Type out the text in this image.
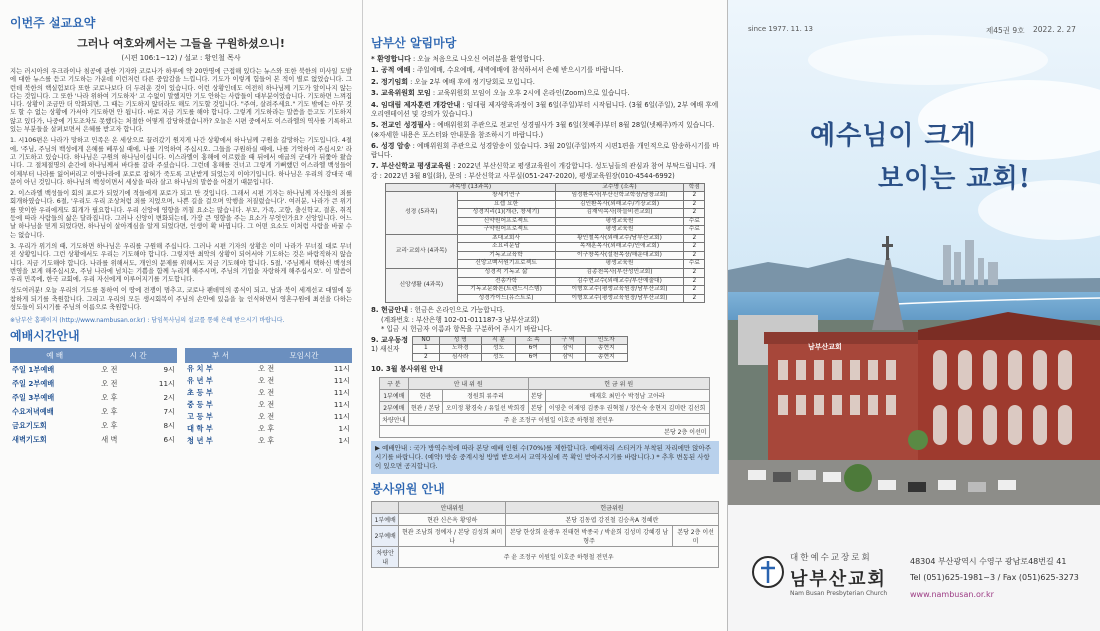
이번주 설교요약
그러나 여호와께서는 그들을 구원하셨으니!
(시편 106:1~12) / 설교 : 황인철 목사

지는 러시아의 우크라이나 침공에 관한 기자와 코로나가 하루에 약 20만명에 근접해 있다는 뉴스와 또한 북한의 미사일 도발에 대한 뉴스를 듣고 기도하는 가운데 이런저런 다른 중압감을 느낍니다. 기도가 이렇게 힘들어 본 적이 별로 없었습니다. 그런데 북한의 핵실험보다 또한 코로나보다 더 두려운 것이 있습니다. 이런 상황인데도 여전히 하나님께 기도가 앞이나지 않는다는 것입니다. 그 또한 '나라 위하여 기도하자' 고 수없이 말했지만 기도 안하는 사람들이 대부분이었습니다. 기도하면 느껴집니다. 상황이 조금만 더 악화되면, 그 때는 기도하지 않더라도 해도 기도할 것입니다. "주여, 살려주세요." 기도 밖에는 아무 것도 할 수 없는 상황에 가서야 기도하면 안 됩니다. 바로 지금 기도를 해야 합니다. 그렇게 기도하라는 말씀을 듣고도 기도하지 않고 있다가, 나중에 기도조차도 못했다는 처절한 어떻게 감당하겠습니까? 오늘은 시편 중에서도 이스라엘의 역사를 기록하고 있는 부분들을 살펴보면서 은혜를 받고자 합니다.

1. 시106편은 나라가 망하고 민족은 온 세상으로 끌려갔기 원지게 나간 상황에서 하나님께 구원을 갈망하는 기도입니다. 4절에, '주님, 주님의 백성에게 은혜를 베푸실 때에, 나를 기억하여 주십시오. 그들을 구원하실 때에, 나를 기억하여 주십시오' 라고 기도하고 있습니다. 하나님은 구원의 하나님이십니다. 이스라엘이 홍해에 이르렀을 때 뒤에서 애굽의 군대가 뒤쫓아 왔습니다. 그 절체절명의 순간에 하나님께서 바다를 갈라 주셨습니다. 그런데 홍해를 건너고 그렇게 기뻐했던 이스라엘 백성들이 이제부터 나라를 잃어버리고 이방나라에 포로로 잡혀가 죽도록 고난받게 되었는지 이야기입니다. 하나님은 우리의 강대국 때문이 아닌 것입니다. 하나님의 백성이면서 세상을 따라 살고 하나님의 말씀을 어겼기 때문입니다.

2. 이스라엘 백성들이 회의 포로가 되었기에 적들에게 포로가 되고 만 것입니다. 그래서 시편 기자는 하나님께 자신들의 죄를 회개하였습니다. 6절, '우리도 우리 조상처럼 죄를 지었으며, 나쁜 길을 걸으며 악행을 저질렀습니다'. 여러분, 나라가 큰 위기를 맞이한 우리에게도 회개가 필요합니다. 우리 신앙에 영향을 끼칠 요소는 많습니다. 부모, 가족, 고향, 출신학교, 결혼, 취직 등에 따라 사람들의 삶은 달라집니다. 그러나 신앙이 변화되는데, 가장 큰 영향을 주는 요소가 무엇인가요? 신앙입니다. 어느 날 하나님을 믿게 되었다면, 하나님이 살아계심을 알게 되었다면, 인생이 확 바뀝니다. 그 어떤 요소도 이처럼 사람을 바꿀 수는 없습니다.

3. 우리가 위기의 때, 기도하면 하나님은 우리를 구원해 주십니다. 그러나 시편 기자의 상황은 이미 나라가 무너질 대로 무너진 상황입니다. 그런 상황에서도 우리는 기도해야 합니다. 그렇지만 최악의 상황이 되어서야 기도하는 것은 바람직하지 않습니다. 지금 기도해야 합니다. 나라를 위해서도, 개인의 문제를 위해서도 지금 기도해야 합니다. 5절, '주님께서 택하신 백성의 번영을 보게 해주십시오, 주님 나라에 넘치는 기쁨을 함께 누리게 해주시며, 주님의 기업을 자랑하게 해주십시오'. 이 말씀이 우리 민족에, 한국 교회에, 우리 자신에게 이루어지기를 기도합니다.

성도여러분! 오늘 우리의 기도를 통하여 이 땅에 전쟁이 멈추고, 코로나 팬데믹의 종식이 되고, 남과 북이 세계선교 대열에 동참하게 되기를 축원합니다. 그리고 우리의 모든 생시회복이 주님의 손안에 있음을 늘 인식하면서 영혼구원에 최선을 다하는 성도들이 되시기를 주님의 이름으로 축원합니다.

※남부산 홈페이지 (http://www.nambusan.or.kr) : 담임목사님의 설교를 통해 은혜 받으시기 바랍니다.
예배시간안내
예 배	시 간	
주일 1부예배	오 전	9시
주일 2부예배	오 전	11시
주일 3부예배	오 후	2시
수요저녁예배	오 후	7시
금요기도회	오 후	8시
새벽기도회	새 벽	6시
부 서	모임시간	
유 치 부	오 전	11시
유 년 부	오 전	11시
초 등 부	오 전	11시
중 등 부	오 전	11시
고 등 부	오 전	11시
대 학 부	오 후	1시
청 년 부	오 후	1시
남부산 알림마당
* 환영합니다 : 오늘 처음으로 나오신 여러분을 환영합니다.
1. 공적 예배 : 주일예배, 수요예배, 새벽예배에 참석하셔서 은혜 받으시기를 바랍니다.
2. 정기임회 : 오늘 2부 예배 후에 정기당회로 모입니다.
3. 교육위원회 모임 : 교육위원회 모임이 오늘 오후 2시에 온라인(Zoom)으로 있습니다.
4. 임대림 제자훈련 개강안내 : 임대림 제자양육과정이 3월 6일(주일)부터 시작됩니다. (3월 6일(주일), 2부 예배 후에 오리엔테이션 및 강의가 있습니다.)
5. 전교인 성경필사 : 예배위원회 주관으로 전교인 성경필사가 3월 6일(첫째주)부터 8월 28일(넷째주)까지 있습니다. (※자세한 내용은 포스터와 안내문을 참조하시기 바랍니다.)
6. 성경 암송 : 예배위원회 주관으로 성경암송이 있습니다. 3월 20일(주일)까지 시편1편을 개인적으로 암송하시기를 바랍니다.
7. 부산신학교 평생교육원 : 2022년 부산신학교 평생교육원이 개강합니다. 성도님들의 관심과 참여 부탁드립니다. 개강 : 2022년 3월 8일(화), 문의 : 부산신학교 사무실(051-247-2020), 평생교육원장(010-4544-6992)
과목명 (13과목)		교수명 (소속)	학점
성경 (5과목)	창세기연구	임정환목사(부산신학교학장/남창교회)	2
	요셉 요한	김인환목사(외래교수/기장교회)	2
	성경지리(1)(개관, 창세기)	김재익목사(하늘비전교회)	2
	신약원어프로젝트	평생교육원	수료
	구약원어프로젝트	평생교육원	수료
교리·교회사 (4과목)	초대교회사	황인철목사(외래교수/남부산교회)	2
	소요리문답	목재훈목사(외래교수/인애교회)	2
	기독교교육학	이구창목사(설천목장/해운대교회)	2
	신앙고백서원기프로젝트	평생교육원	수료
신앙생활 (4과목)	성경적 기독교 삶	김종천목사(부산성민교회)	2
	전송가학	김수현교수(외래교수/부산예술대)	2
	기독교문화론(트렌드시스템)	이형호교수(평생교육원장/남부산교회)	2
	성경가이드(유스트로)	이형호교수(평생교육원장/남부산교회)	2
8. 현금안내 : 헌금은 온라인으로 가능합니다.
(계좌번호 : 부산은행 102-01-011187-3 남부산교회)
* 입금 시 헌금자 이름과 항목을 구분하여 주시기 바랍니다.
9. 교우동정
1) 새신자
NO	성 명	직 분	소 속	구 역	인도자
1	노하경	성도	6여	삼익	송현지
2	심사라	성도	6여	삼익	송현지
10. 3월 봉사위원 안내
구 분	안 내 위 원		헌 금 위 원	
1부예배	현관	정원희 류주리	본당	배재호 최민수 박정남 고아라
2부예배	현관 / 본당	오미정 황경숙 / 유일선 박희경	본당	이영춘 이재영 김종우 권혁철 / 장은숙 송현지 김미란 김선희
차량안내	주 윤 조정구 이원일 이호준 하형철 전민우			
본당 2층 이선미				
▶ 예배안내 : 국가 방역수칙에 따라 본당 예배 인원 수(70%)를 제한합니다. 예배자리 스티커가 부착된 자리에만 앉아주시기를 바랍니다. (예약) 방송 중계시청 방법 받으셔서 교역자실에 꼭 확인 받아주시기를 바랍니다.) * 추후 변동된 사항이 있으면 공지합니다.
봉사위원 안내
	안내위원	헌금위원	
1부예배	현관 신은옥 황영하	본당 김동엽 강진철 김승옥A 정혜란	
2부예배	현관 조남희 정예자 / 본당 김성희 최미나	본당 한상희 윤광우 진태현 박종국 / 박윤희 김성미 강혜경 남형주	본당 2층 이선미
차량안내	주 윤 조정구 이원일 이호준 하형철 전민우		
since 1977. 11. 13	제45권 9호 2022. 2. 27
예수님이 크게
보이는 교회!
남부산교회
대한예수교장로회
남부산교회
Nam Busan Presbyterian Church
48304 부산광역시 수영구 광남로48번길 41
Tel (051)625-1981~3 / Fax (051)625-3273
www.nambusan.or.kr
